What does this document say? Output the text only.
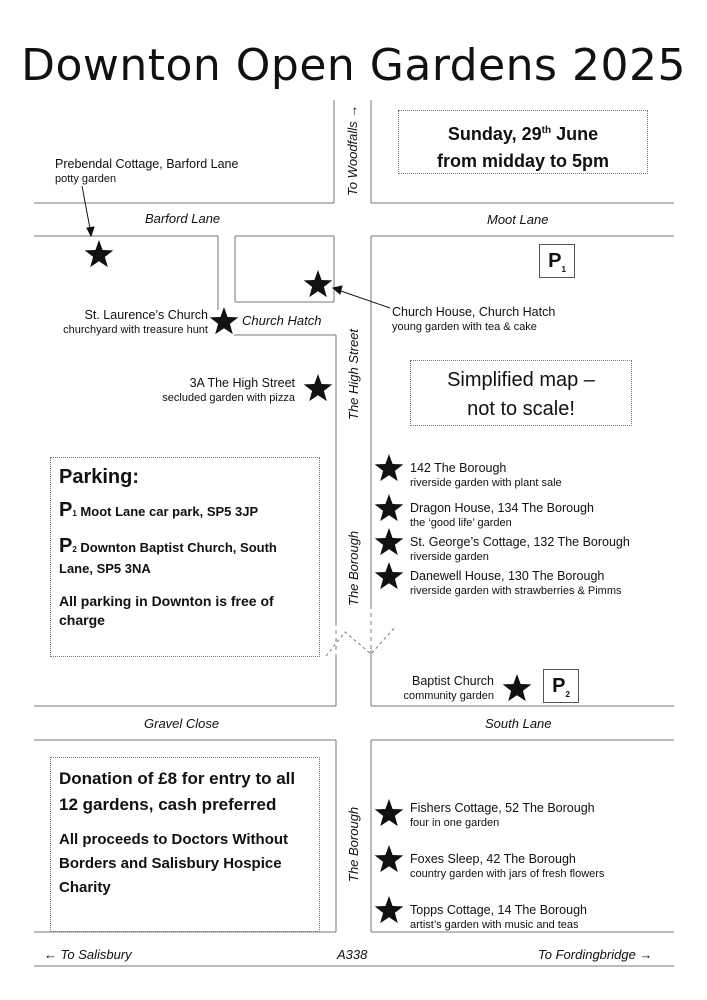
Downton Open Gardens 2025
Sunday, 29th June
from midday to 5pm
Barford Lane	Moot Lane
Church Hatch
To Woodfalls →
The High Street
The Borough
The Borough
Gravel Close	South Lane
Prebendal Cottage, Barford Lane
potty garden
St. Laurence’s Church
churchyard with treasure hunt
Church House, Church Hatch
young garden with tea & cake
3A The High Street
secluded garden with pizza
142 The Borough
riverside garden with plant sale
Dragon House, 134 The Borough
the ‘good life’ garden
St. George’s Cottage, 132 The Borough
riverside garden
Danewell House, 130 The Borough
riverside garden with strawberries & Pimms
Baptist Church
community garden
Fishers Cottage, 52 The Borough
four in one garden
Foxes Sleep, 42 The Borough
country garden with jars of fresh flowers
Topps Cottage, 14 The Borough
artist’s garden with music and teas
$P_1$
$P_2$
Simplified map –
not to scale!
Parking:
P1 Moot Lane car park, SP5 3JP
P2 Downton Baptist Church, South Lane, SP5 3NA
All parking in Downton is free of charge
Donation of £8 for entry to all 12 gardens, cash preferred
All proceeds to Doctors Without Borders and Salisbury Hospice Charity
← To Salisbury	A338	To Fordingbridge →
